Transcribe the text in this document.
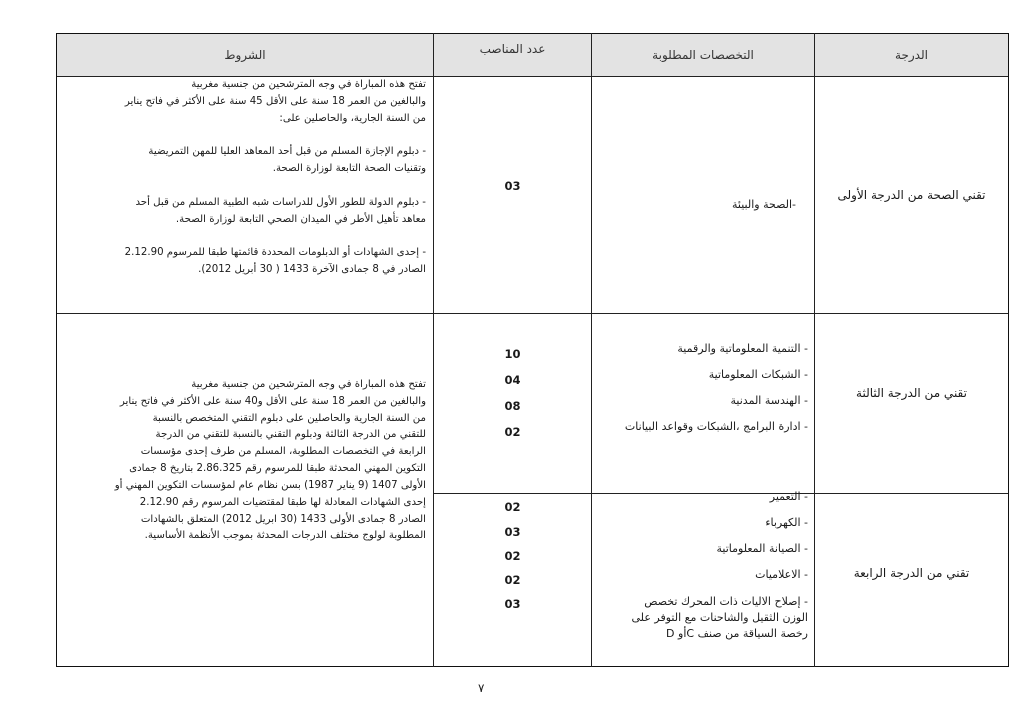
الدرجة
التخصصات المطلوبة
عدد المناصب
الشروط
تقني الصحة من الدرجة الأولى
-الصحة والبيئة
03
تفتح هذه المباراة في وجه المترشحين من جنسية مغربية
والبالغين من العمر 18 سنة على الأقل 45 سنة على الأكثر في فاتح يناير
من السنة الجارية، والحاصلين على:

- دبلوم الإجازة المسلم من قبل أحد المعاهد العليا للمهن التمريضية
وتقنيات الصحة التابعة لوزارة الصحة.

- دبلوم الدولة للطور الأول للدراسات شبه الطبية المسلم من قبل أحد
معاهد تأهيل الأطر في الميدان الصحي التابعة لوزارة الصحة.

- إحدى الشهادات أو الدبلومات المحددة قائمتها طبقا للمرسوم 2.12.90
الصادر في 8 جمادى الآخرة 1433 ( 30 أبريل 2012).
تقني من الدرجة الثالثة
- التنمية المعلوماتية والرقمية
- الشبكات المعلوماتية
- الهندسة المدنية
- ادارة البرامج ،الشبكات وقواعد البيانات
10
04
08
02
تفتح هذه المباراة في وجه المترشحين من جنسية مغربية
والبالغين من العمر 18 سنة على الأقل و40 سنة على الأكثر في فاتح يناير
من السنة الجارية والحاصلين على دبلوم التقني المتخصص بالنسبة
للتقني من الدرجة الثالثة ودبلوم التقني بالنسبة للتقني من الدرجة
الرابعة في التخصصات المطلوبة، المسلم من طرف إحدى مؤسسات
التكوين المهني المحدثة طبقا للمرسوم رقم 2.86.325 بتاريخ 8 جمادى
الأولى 1407 (9 يناير 1987) بسن نظام عام لمؤسسات التكوين المهني أو
إحدى الشهادات المعادلة لها طبقا لمقتضيات المرسوم رقم 2.12.90
الصادر 8 جمادى الأولى 1433 (30 ابريل 2012) المتعلق بالشهادات
المطلوبة لولوج مختلف الدرجات المحدثة بموجب الأنظمة الأساسية.
تقني من الدرجة الرابعة
- التعمير
- الكهرباء
- الصيانة المعلوماتية
- الاعلاميات
- إصلاح الاليات ذات المحرك تخصص
الوزن الثقيل والشاحنات مع التوفر على
رخصة السياقة من صنف Cأو D
02
03
02
02
03
٧
